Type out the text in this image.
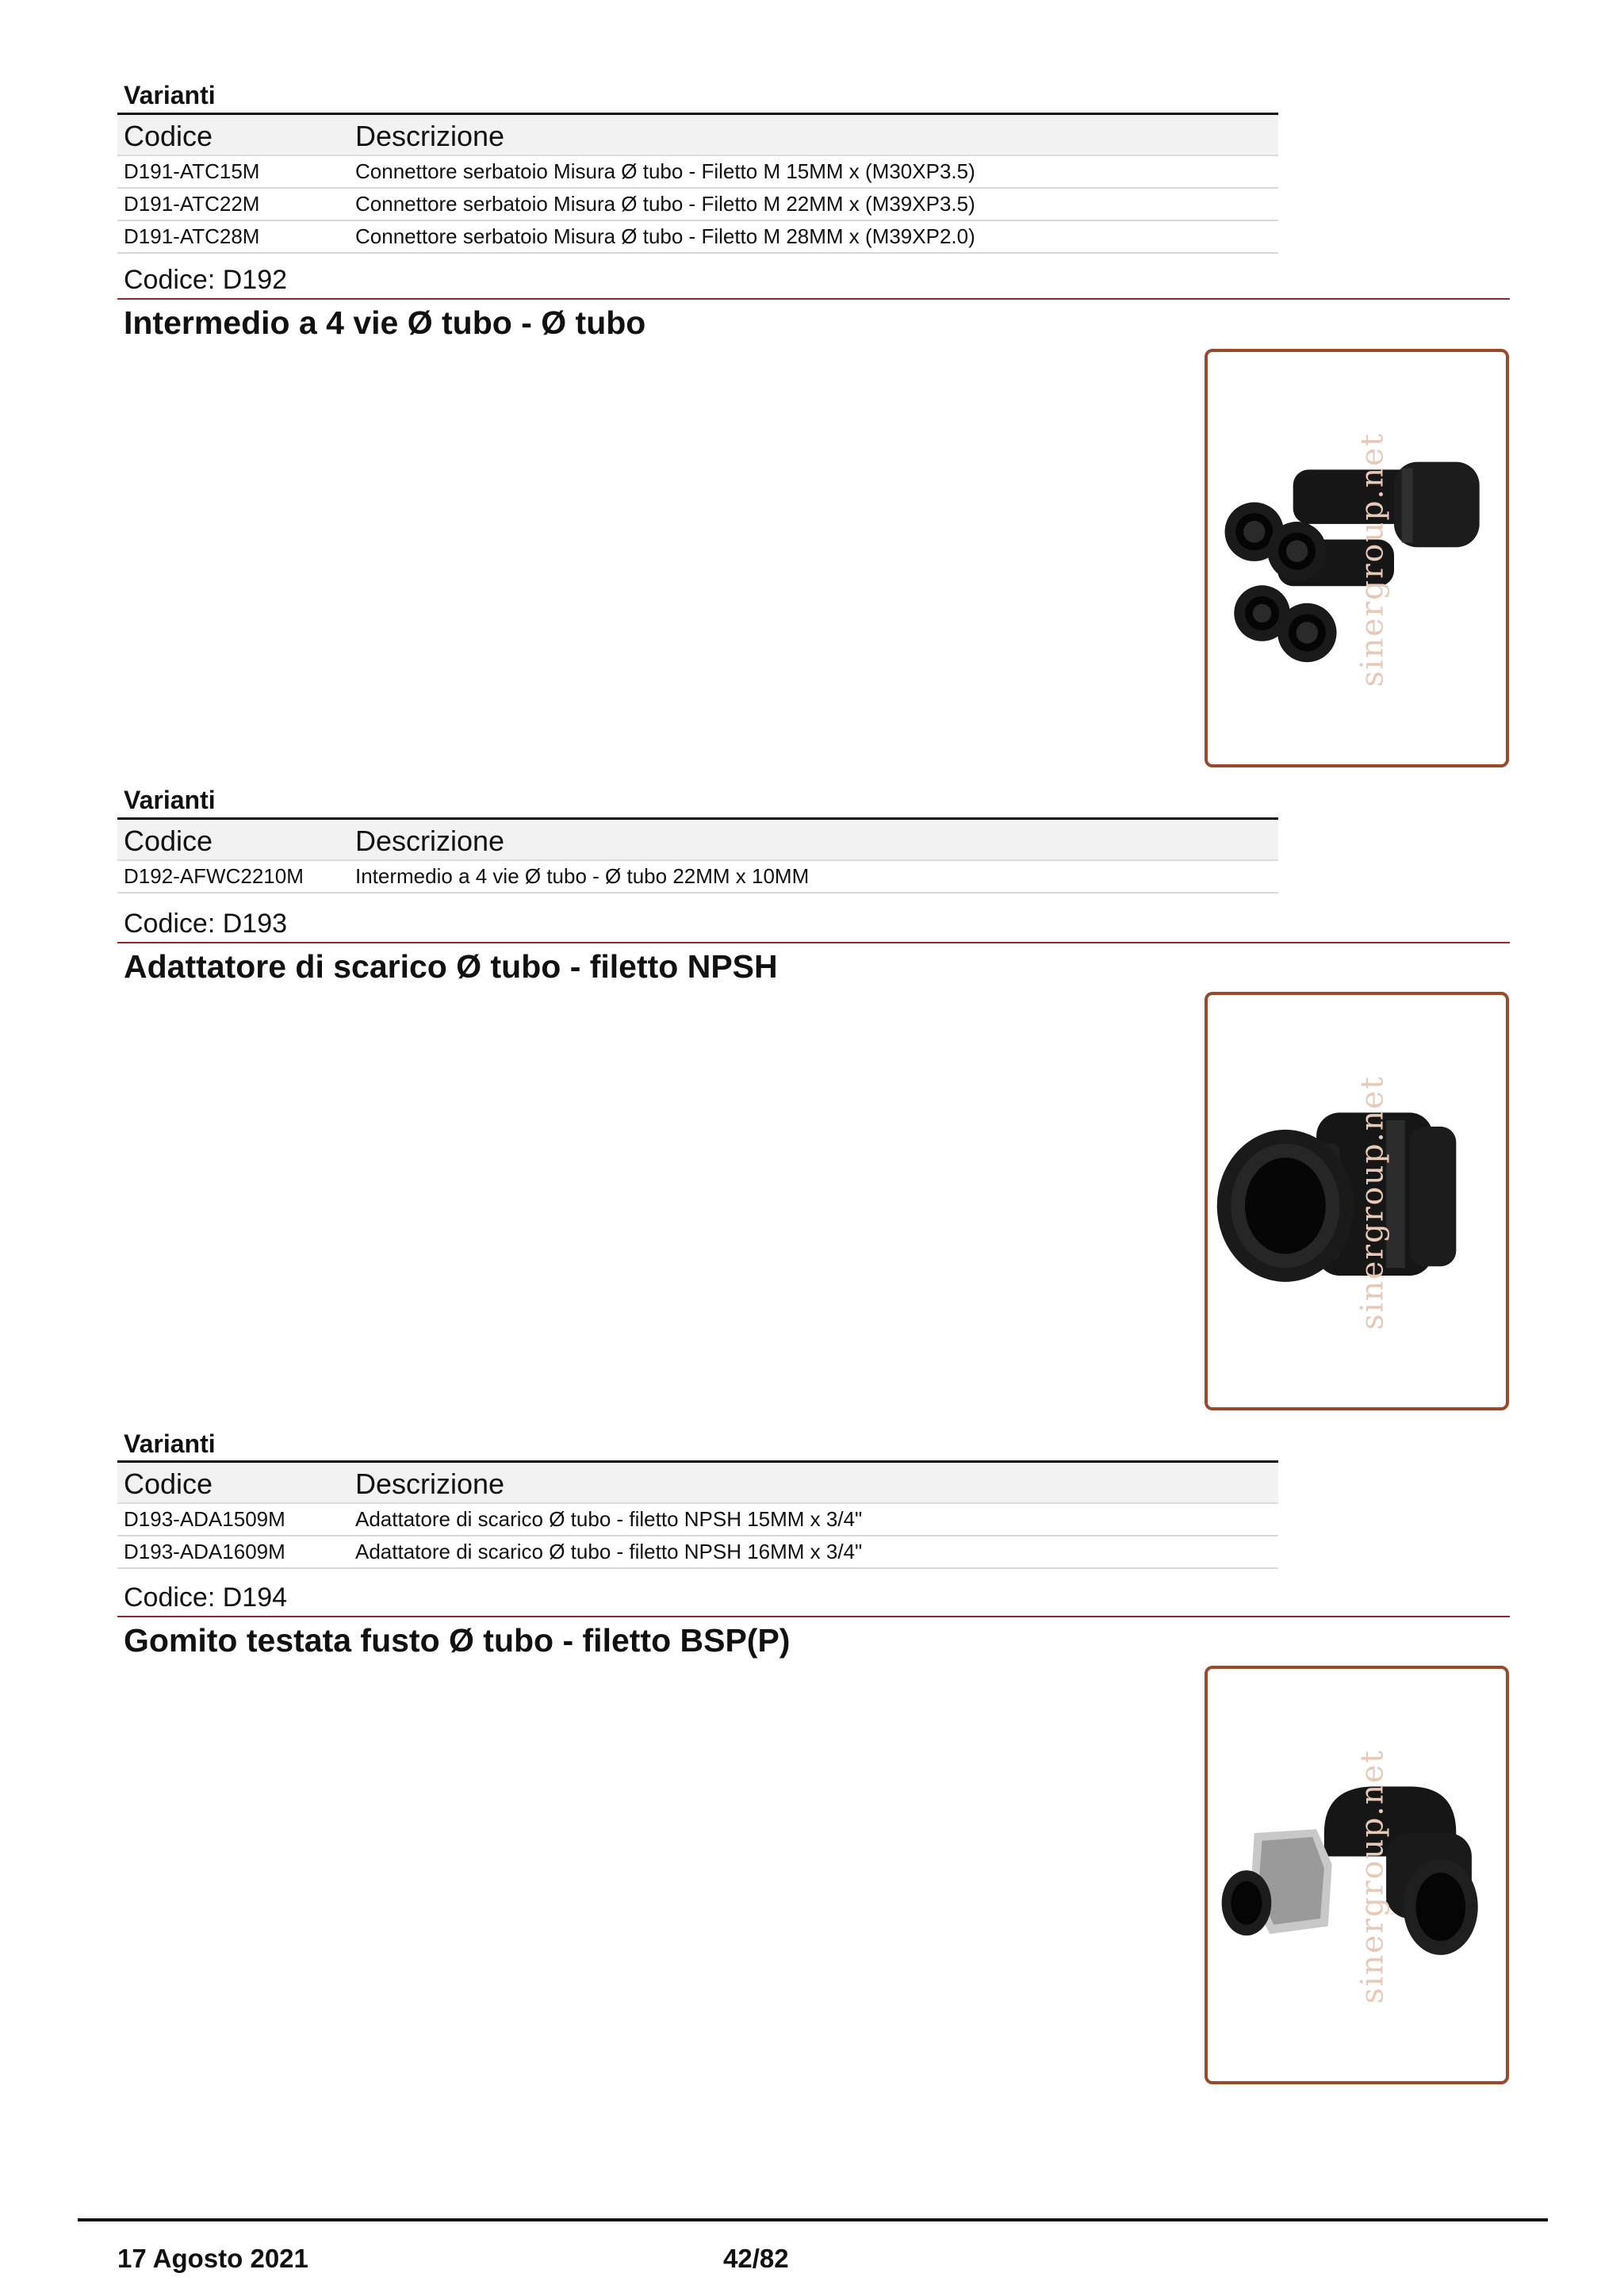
Varianti
Codice	Descrizione
D191-ATC15M	Connettore serbatoio Misura Ø tubo - Filetto M 15MM x (M30XP3.5)
D191-ATC22M	Connettore serbatoio Misura Ø tubo - Filetto M 22MM x (M39XP3.5)
D191-ATC28M	Connettore serbatoio Misura Ø tubo - Filetto M 28MM x (M39XP2.0)
Codice: D192
Intermedio a 4 vie Ø tubo - Ø tubo
sinergroup.net
Varianti
Codice	Descrizione
D192-AFWC2210M	Intermedio a 4 vie Ø tubo - Ø tubo 22MM x 10MM
Codice: D193
Adattatore di scarico Ø tubo - filetto NPSH
sinergroup.net
Varianti
Codice	Descrizione
D193-ADA1509M	Adattatore di scarico Ø tubo - filetto NPSH 15MM x 3/4"
D193-ADA1609M	Adattatore di scarico Ø tubo - filetto NPSH 16MM x 3/4"
Codice: D194
Gomito testata fusto Ø tubo - filetto BSP(P)
sinergroup.net
17 Agosto 2021	42/82
